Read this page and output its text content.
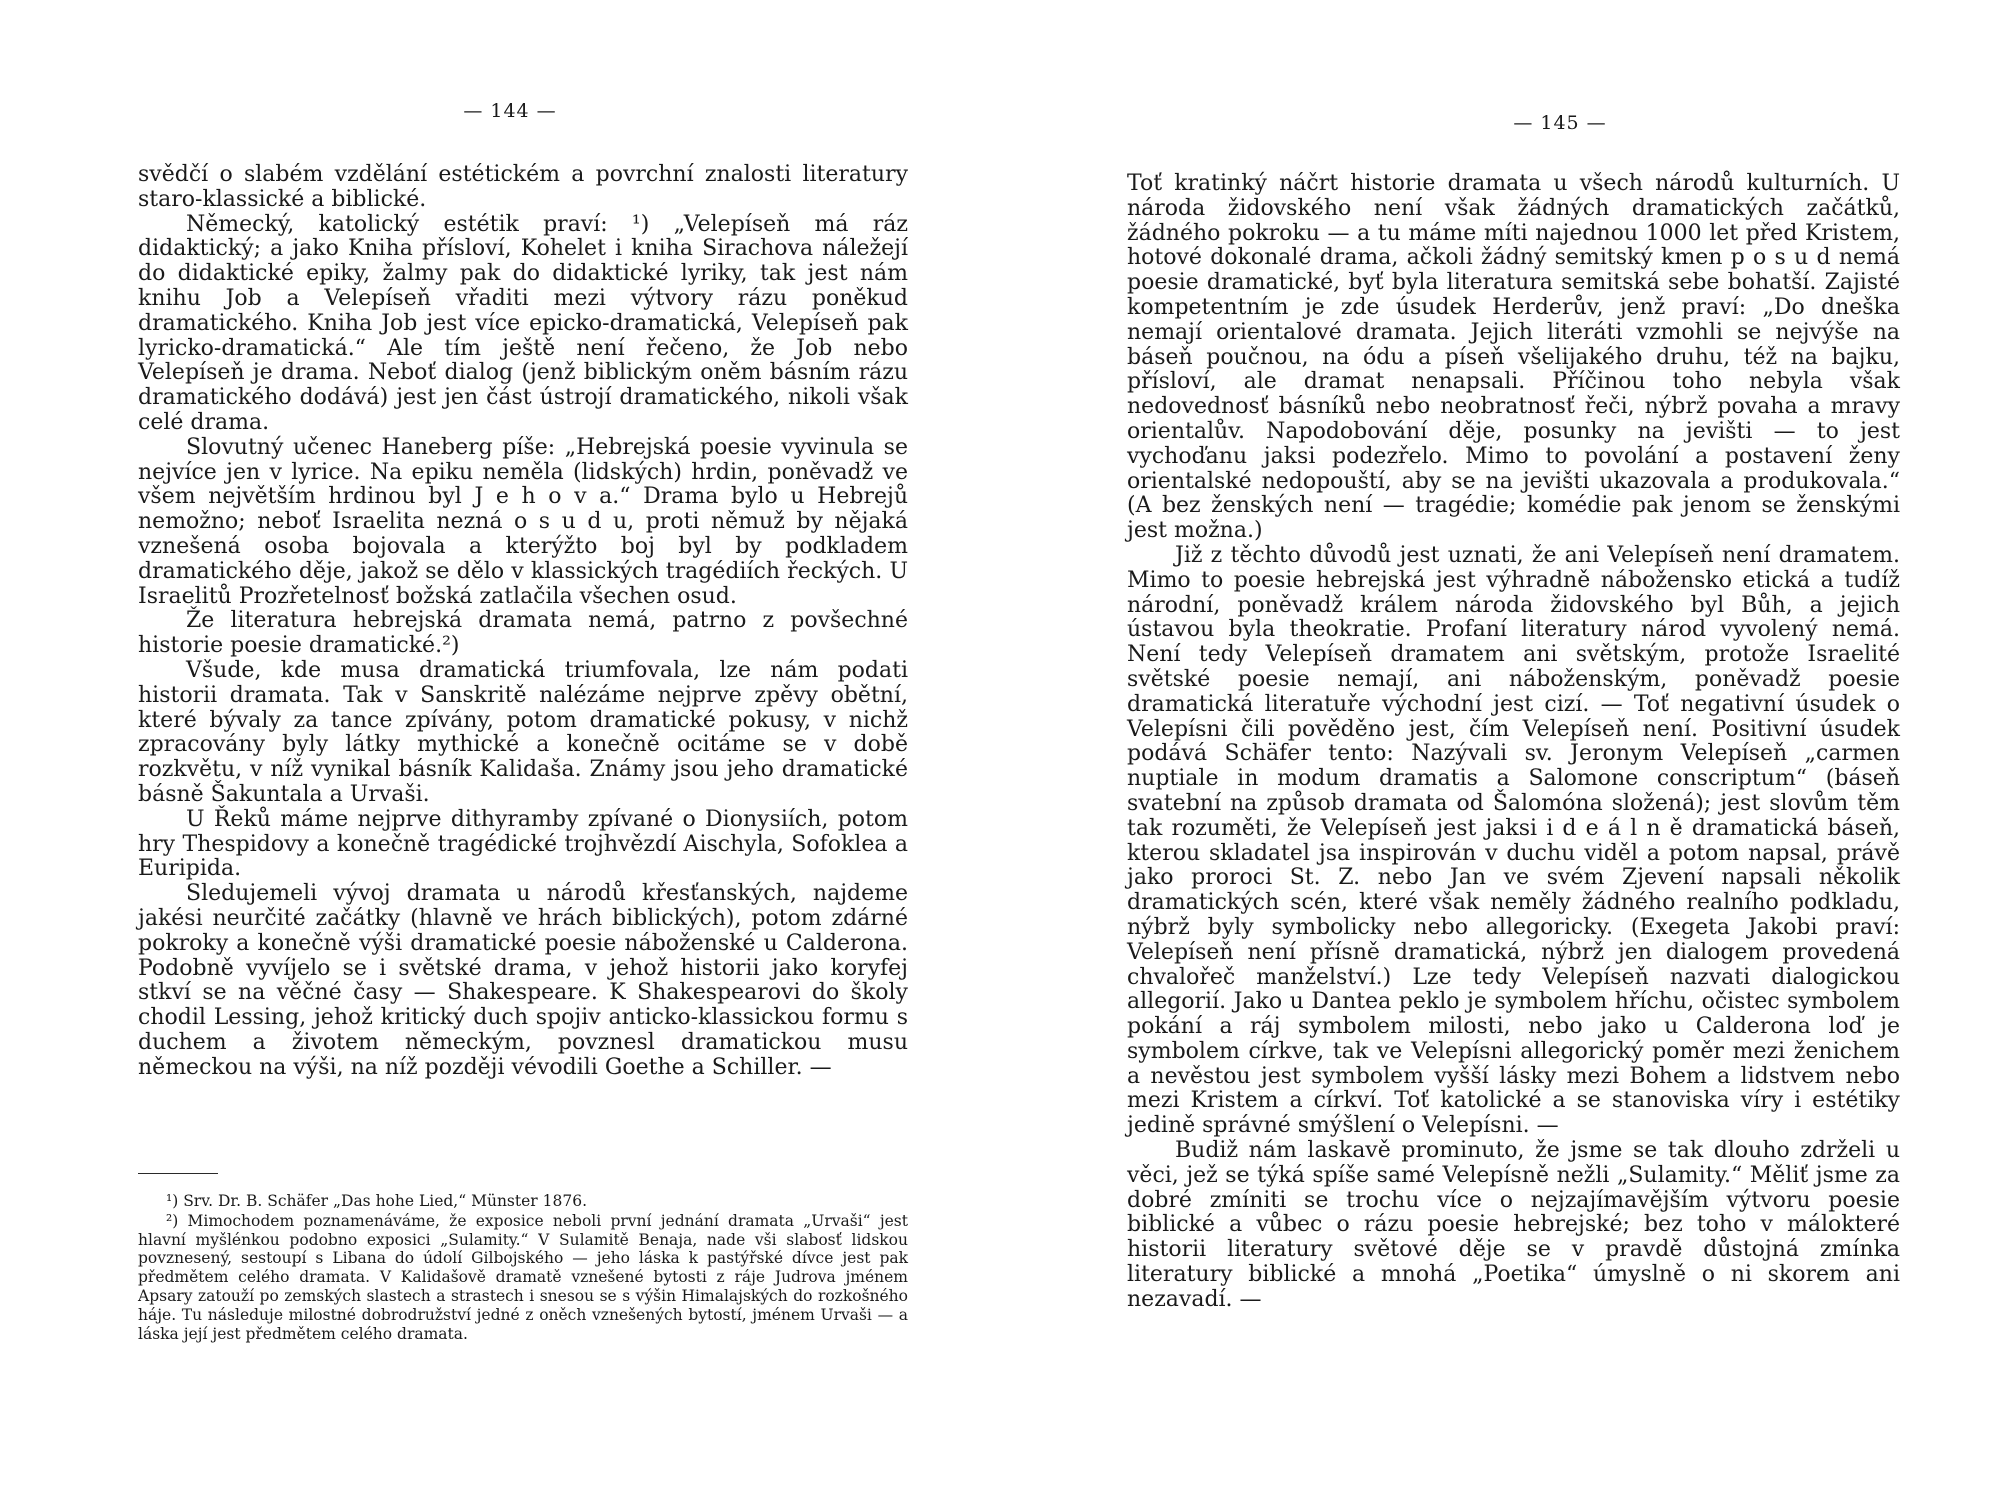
— 144 —

svědčí o slabém vzdělání estétickém a povrchní znalosti literatury staro-klassické a biblické.

Německý, katolický estétik praví: ¹) „Velepíseň má ráz didaktický; a jako Kniha přísloví, Kohelet i kniha Sirachova náležejí do didaktické epiky, žalmy pak do didaktické lyriky, tak jest nám knihu Job a Velepíseň vřaditi mezi výtvory rázu poněkud dramatického. Kniha Job jest více epicko-dramatická, Velepíseň pak lyricko-dramatická.“ Ale tím ještě není řečeno, že Job nebo Velepíseň je drama. Neboť dialog (jenž biblickým oněm básním rázu dramatického dodává) jest jen část ústrojí dramatického, nikoli však celé drama.

Slovutný učenec Haneberg píše: „Hebrejská poesie vyvinula se nejvíce jen v lyrice. Na epiku neměla (lidských) hrdin, poněvadž ve všem největším hrdinou byl J e h o v a.“ Drama bylo u Hebrejů nemožno; neboť Israelita nezná o s u d u, proti němuž by nějaká vznešená osoba bojovala a kterýžto boj byl by podkladem dramatického děje, jakož se dělo v klassických tragédiích řeckých. U Israelitů Prozřetelnosť božská zatlačila všechen osud.

Že literatura hebrejská dramata nemá, patrno z povšechné historie poesie dramatické.²)

Všude, kde musa dramatická triumfovala, lze nám podati historii dramata. Tak v Sanskritě nalézáme nejprve zpěvy obětní, které bývaly za tance zpívány, potom dramatické pokusy, v nichž zpracovány byly látky mythické a konečně ocitáme se v době rozkvětu, v níž vynikal básník Kalidaša. Známy jsou jeho dramatické básně Šakuntala a Urvaši.

U Řeků máme nejprve dithyramby zpívané o Dionysiích, potom hry Thespidovy a konečně tragédické trojhvězdí Aischyla, Sofoklea a Euripida.

Sledujemeli vývoj dramata u národů křesťanských, najdeme jakési neurčité začátky (hlavně ve hrách biblických), potom zdárné pokroky a konečně výši dramatické poesie náboženské u Calderona. Podobně vyvíjelo se i světské drama, v jehož historii jako koryfej stkví se na věčné časy — Shakespeare. K Shakespearovi do školy chodil Lessing, jehož kritický duch spojiv anticko-klassickou formu s duchem a životem německým, povznesl dramatickou musu německou na výši, na níž později vévodili Goethe a Schiller. —

¹) Srv. Dr. B. Schäfer „Das hohe Lied,“ Münster 1876.

²) Mimochodem poznamenáváme, že exposice neboli první jednání dramata „Urvaši“ jest hlavní myšlénkou podobno exposici „Sulamity.“ V Sulamitě Benaja, nade vši slabosť lidskou povznesený, sestoupí s Libana do údolí Gilbojského — jeho láska k pastýřské dívce jest pak předmětem celého dramata. V Kalidašově dramatě vznešené bytosti z ráje Judrova jménem Apsary zatouží po zemských slastech a strastech i snesou se s výšin Himalajských do rozkošného háje. Tu následuje milostné dobrodružství jedné z oněch vznešených bytostí, jménem Urvaši — a láska její jest předmětem celého dramata.

— 145 —

Toť kratinký náčrt historie dramata u všech národů kulturních. U národa židovského není však žádných dramatických začátků, žádného pokroku — a tu máme míti najednou 1000 let před Kristem, hotové dokonalé drama, ačkoli žádný semitský kmen p o s u d nemá poesie dramatické, byť byla literatura semitská sebe bohatší. Zajisté kompetentním je zde úsudek Herderův, jenž praví: „Do dneška nemají orientalové dramata. Jejich literáti vzmohli se nejvýše na báseň poučnou, na ódu a píseň všelijakého druhu, též na bajku, přísloví, ale dramat nenapsali. Příčinou toho nebyla však nedovednosť básníků nebo neobratnosť řeči, nýbrž povaha a mravy orientalův. Napodobování děje, posunky na jevišti — to jest vychoďanu jaksi podezřelo. Mimo to povolání a postavení ženy orientalské nedopouští, aby se na jevišti ukazovala a produkovala.“ (A bez ženských není — tragédie; komédie pak jenom se ženskými jest možna.)

Již z těchto důvodů jest uznati, že ani Velepíseň není dramatem. Mimo to poesie hebrejská jest výhradně nábožensko etická a tudíž národní, poněvadž králem národa židovského byl Bůh, a jejich ústavou byla theokratie. Profaní literatury národ vyvolený nemá. Není tedy Velepíseň dramatem ani světským, protože Israelité světské poesie nemají, ani náboženským, poněvadž poesie dramatická literatuře východní jest cizí. — Toť negativní úsudek o Velepísni čili pověděno jest, čím Velepíseň není. Positivní úsudek podává Schäfer tento: Nazývali sv. Jeronym Velepíseň „carmen nuptiale in modum dramatis a Salomone conscriptum“ (báseň svatební na způsob dramata od Šalomóna složená); jest slovům těm tak rozuměti, že Velepíseň jest jaksi i d e á l n ě dramatická báseň, kterou skladatel jsa inspirován v duchu viděl a potom napsal, právě jako proroci St. Z. nebo Jan ve svém Zjevení napsali několik dramatických scén, které však neměly žádného realního podkladu, nýbrž byly symbolicky nebo allegoricky. (Exegeta Jakobi praví: Velepíseň není přísně dramatická, nýbrž jen dialogem provedená chvalořeč manželství.) Lze tedy Velepíseň nazvati dialogickou allegorií. Jako u Dantea peklo je symbolem hříchu, očistec symbolem pokání a ráj symbolem milosti, nebo jako u Calderona loď je symbolem církve, tak ve Velepísni allegorický poměr mezi ženichem a nevěstou jest symbolem vyšší lásky mezi Bohem a lidstvem nebo mezi Kristem a církví. Toť katolické a se stanoviska víry i estétiky jedině správné smýšlení o Velepísni. —

Budiž nám laskavě prominuto, že jsme se tak dlouho zdrželi u věci, jež se týká spíše samé Velepísně nežli „Sulamity.“ Měliť jsme za dobré zmíniti se trochu více o nejzajímavějším výtvoru poesie biblické a vůbec o rázu poesie hebrejské; bez toho v málokteré historii literatury světové děje se v pravdě důstojná zmínka literatury biblické a mnohá „Poetika“ úmyslně o ni skorem ani nezavadí. —
